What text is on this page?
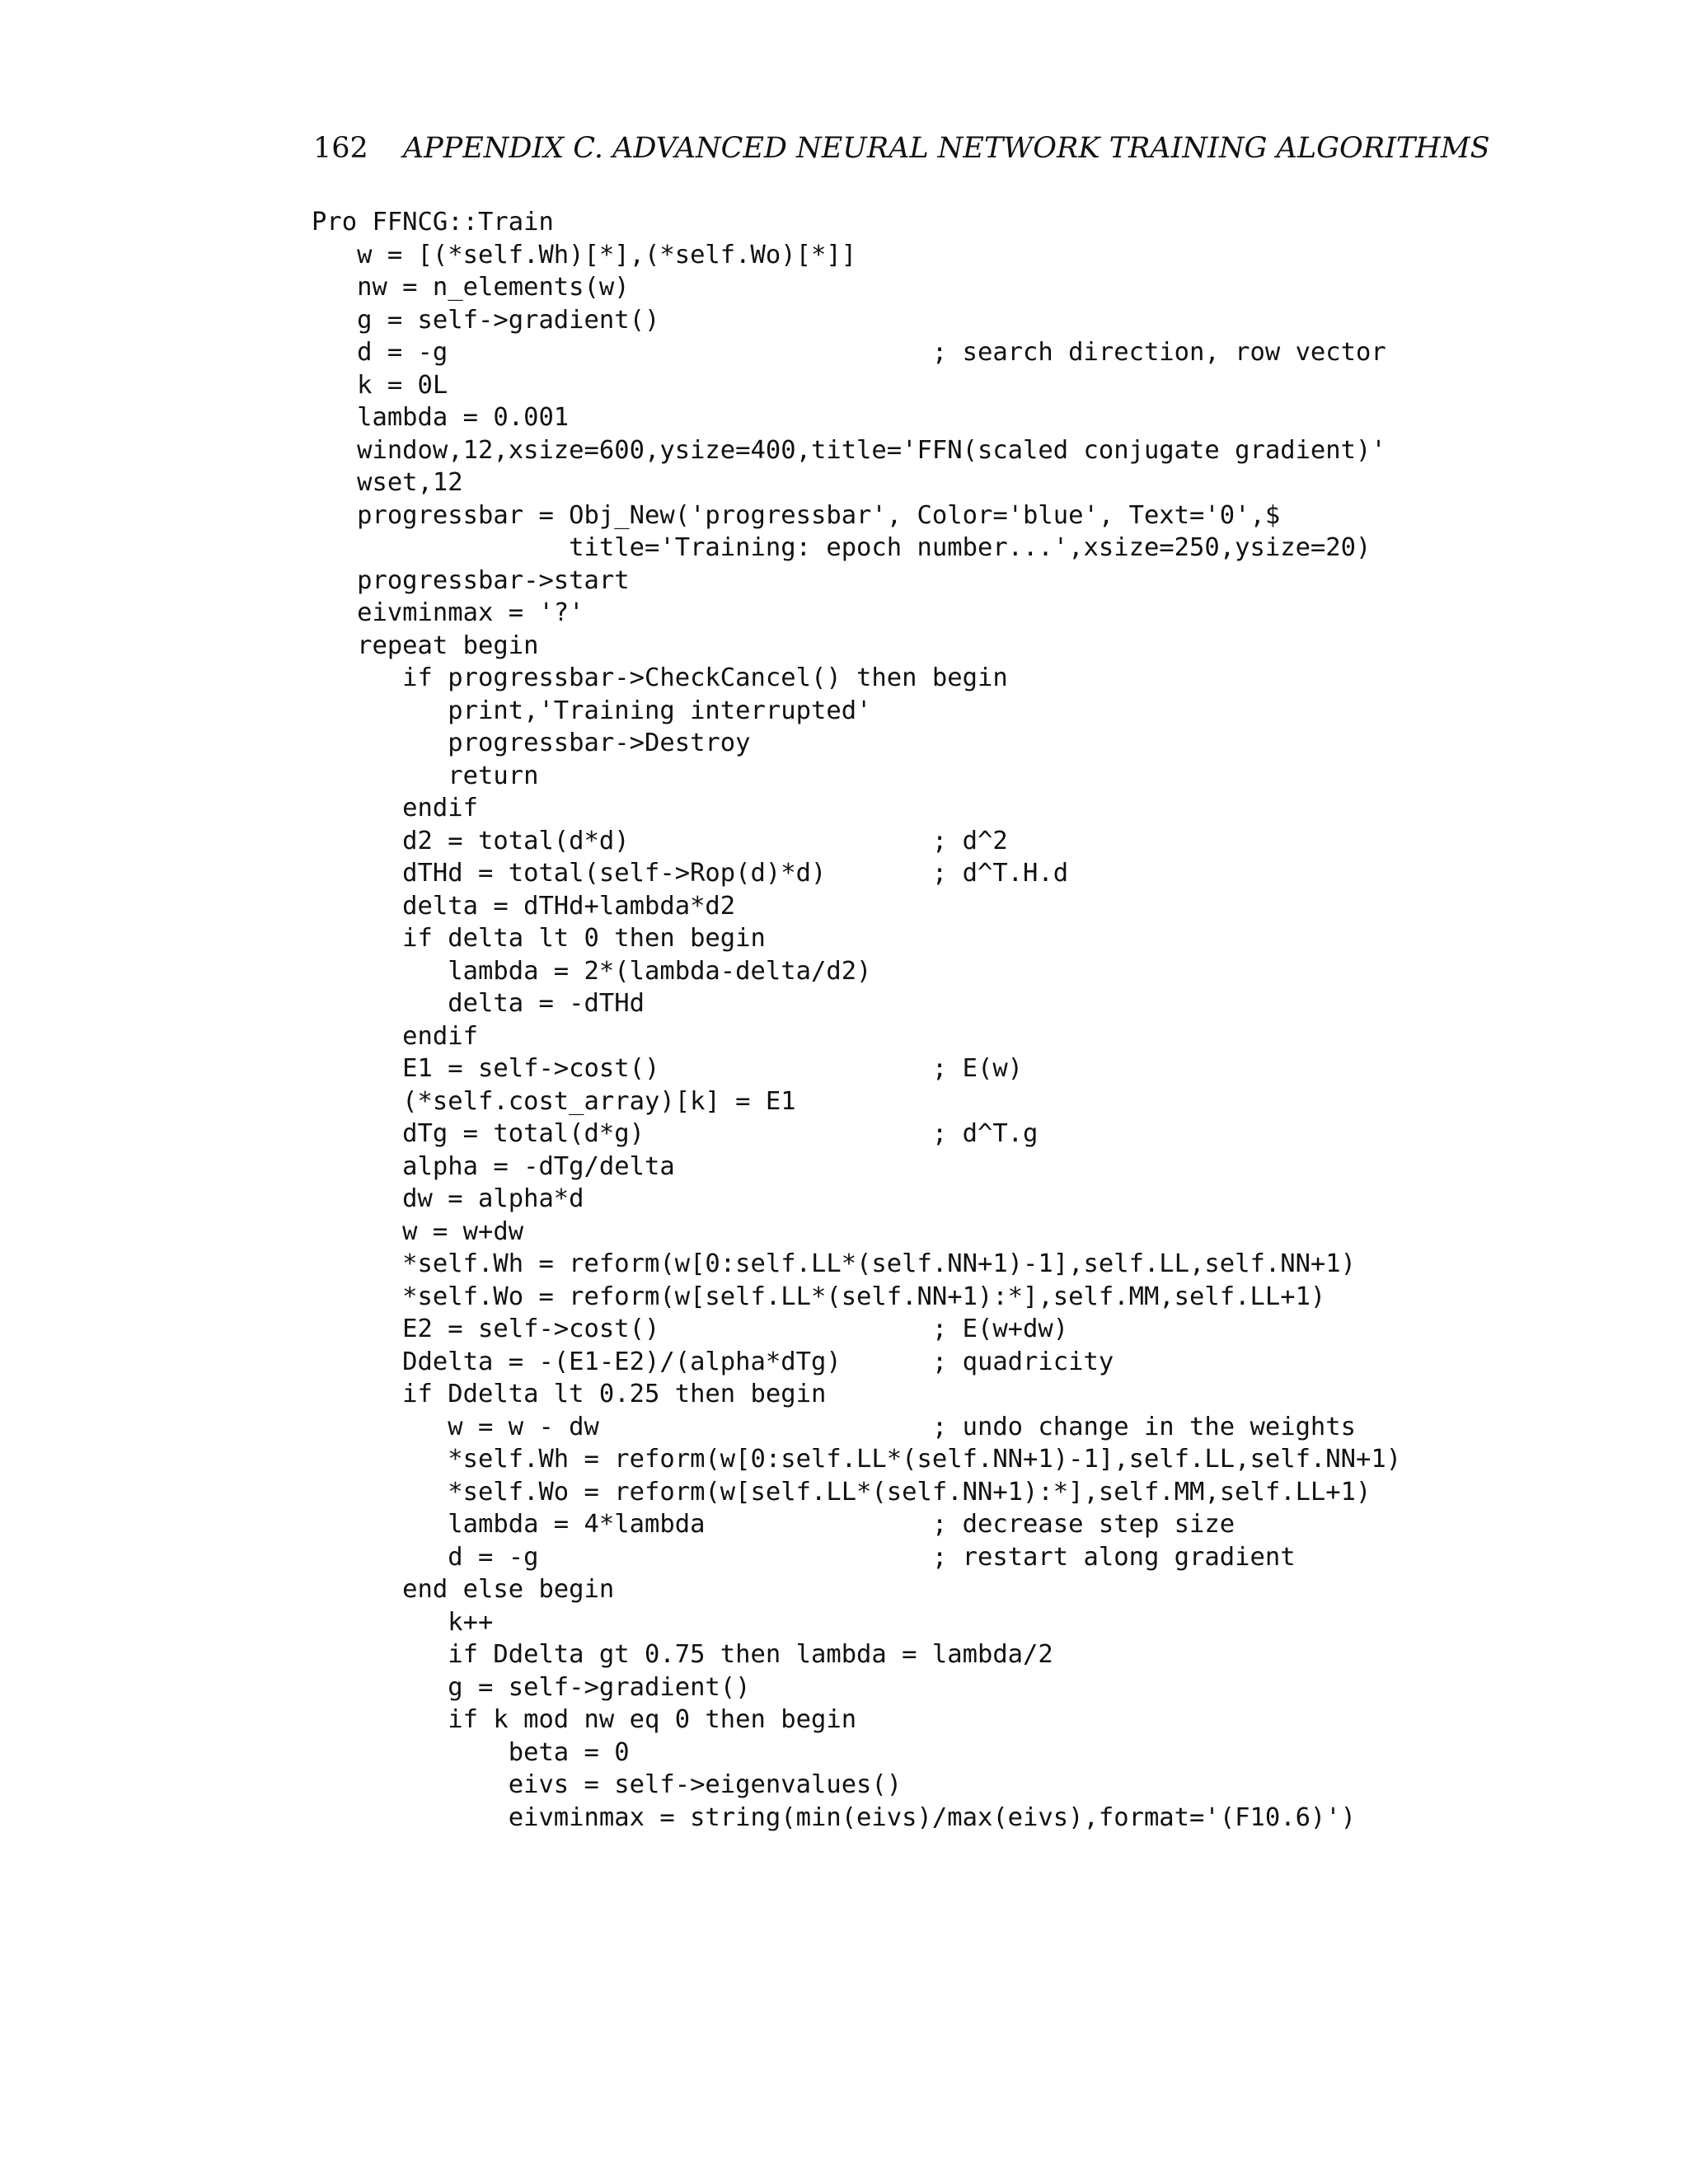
162 APPENDIX C. ADVANCED NEURAL NETWORK TRAINING ALGORITHMS
Pro FFNCG::Train
w = [(*self.Wh)[*],(*self.Wo)[*]]
nw = n_elements(w)
g = self->gradient()
d = -g                                ; search direction, row vector
k = 0L
lambda = 0.001
window,12,xsize=600,ysize=400,title='FFN(scaled conjugate gradient)'
wset,12
progressbar = Obj_New('progressbar', Color='blue', Text='0',$
title='Training: epoch number...',xsize=250,ysize=20)
progressbar->start
eivminmax = '?'
repeat begin
if progressbar->CheckCancel() then begin
print,'Training interrupted'
progressbar->Destroy
return
endif
d2 = total(d*d)                    ; d^2
dTHd = total(self->Rop(d)*d)       ; d^T.H.d
delta = dTHd+lambda*d2
if delta lt 0 then begin
lambda = 2*(lambda-delta/d2)
delta = -dTHd
endif
E1 = self->cost()                  ; E(w)
(*self.cost_array)[k] = E1
dTg = total(d*g)                   ; d^T.g
alpha = -dTg/delta
dw = alpha*d
w = w+dw
*self.Wh = reform(w[0:self.LL*(self.NN+1)-1],self.LL,self.NN+1)
*self.Wo = reform(w[self.LL*(self.NN+1):*],self.MM,self.LL+1)
E2 = self->cost()                  ; E(w+dw)
Ddelta = -(E1-E2)/(alpha*dTg)      ; quadricity
if Ddelta lt 0.25 then begin
w = w - dw                      ; undo change in the weights
*self.Wh = reform(w[0:self.LL*(self.NN+1)-1],self.LL,self.NN+1)
*self.Wo = reform(w[self.LL*(self.NN+1):*],self.MM,self.LL+1)
lambda = 4*lambda               ; decrease step size
d = -g                          ; restart along gradient
end else begin
k++
if Ddelta gt 0.75 then lambda = lambda/2
g = self->gradient()
if k mod nw eq 0 then begin
beta = 0
eivs = self->eigenvalues()
eivminmax = string(min(eivs)/max(eivs),format='(F10.6)')
